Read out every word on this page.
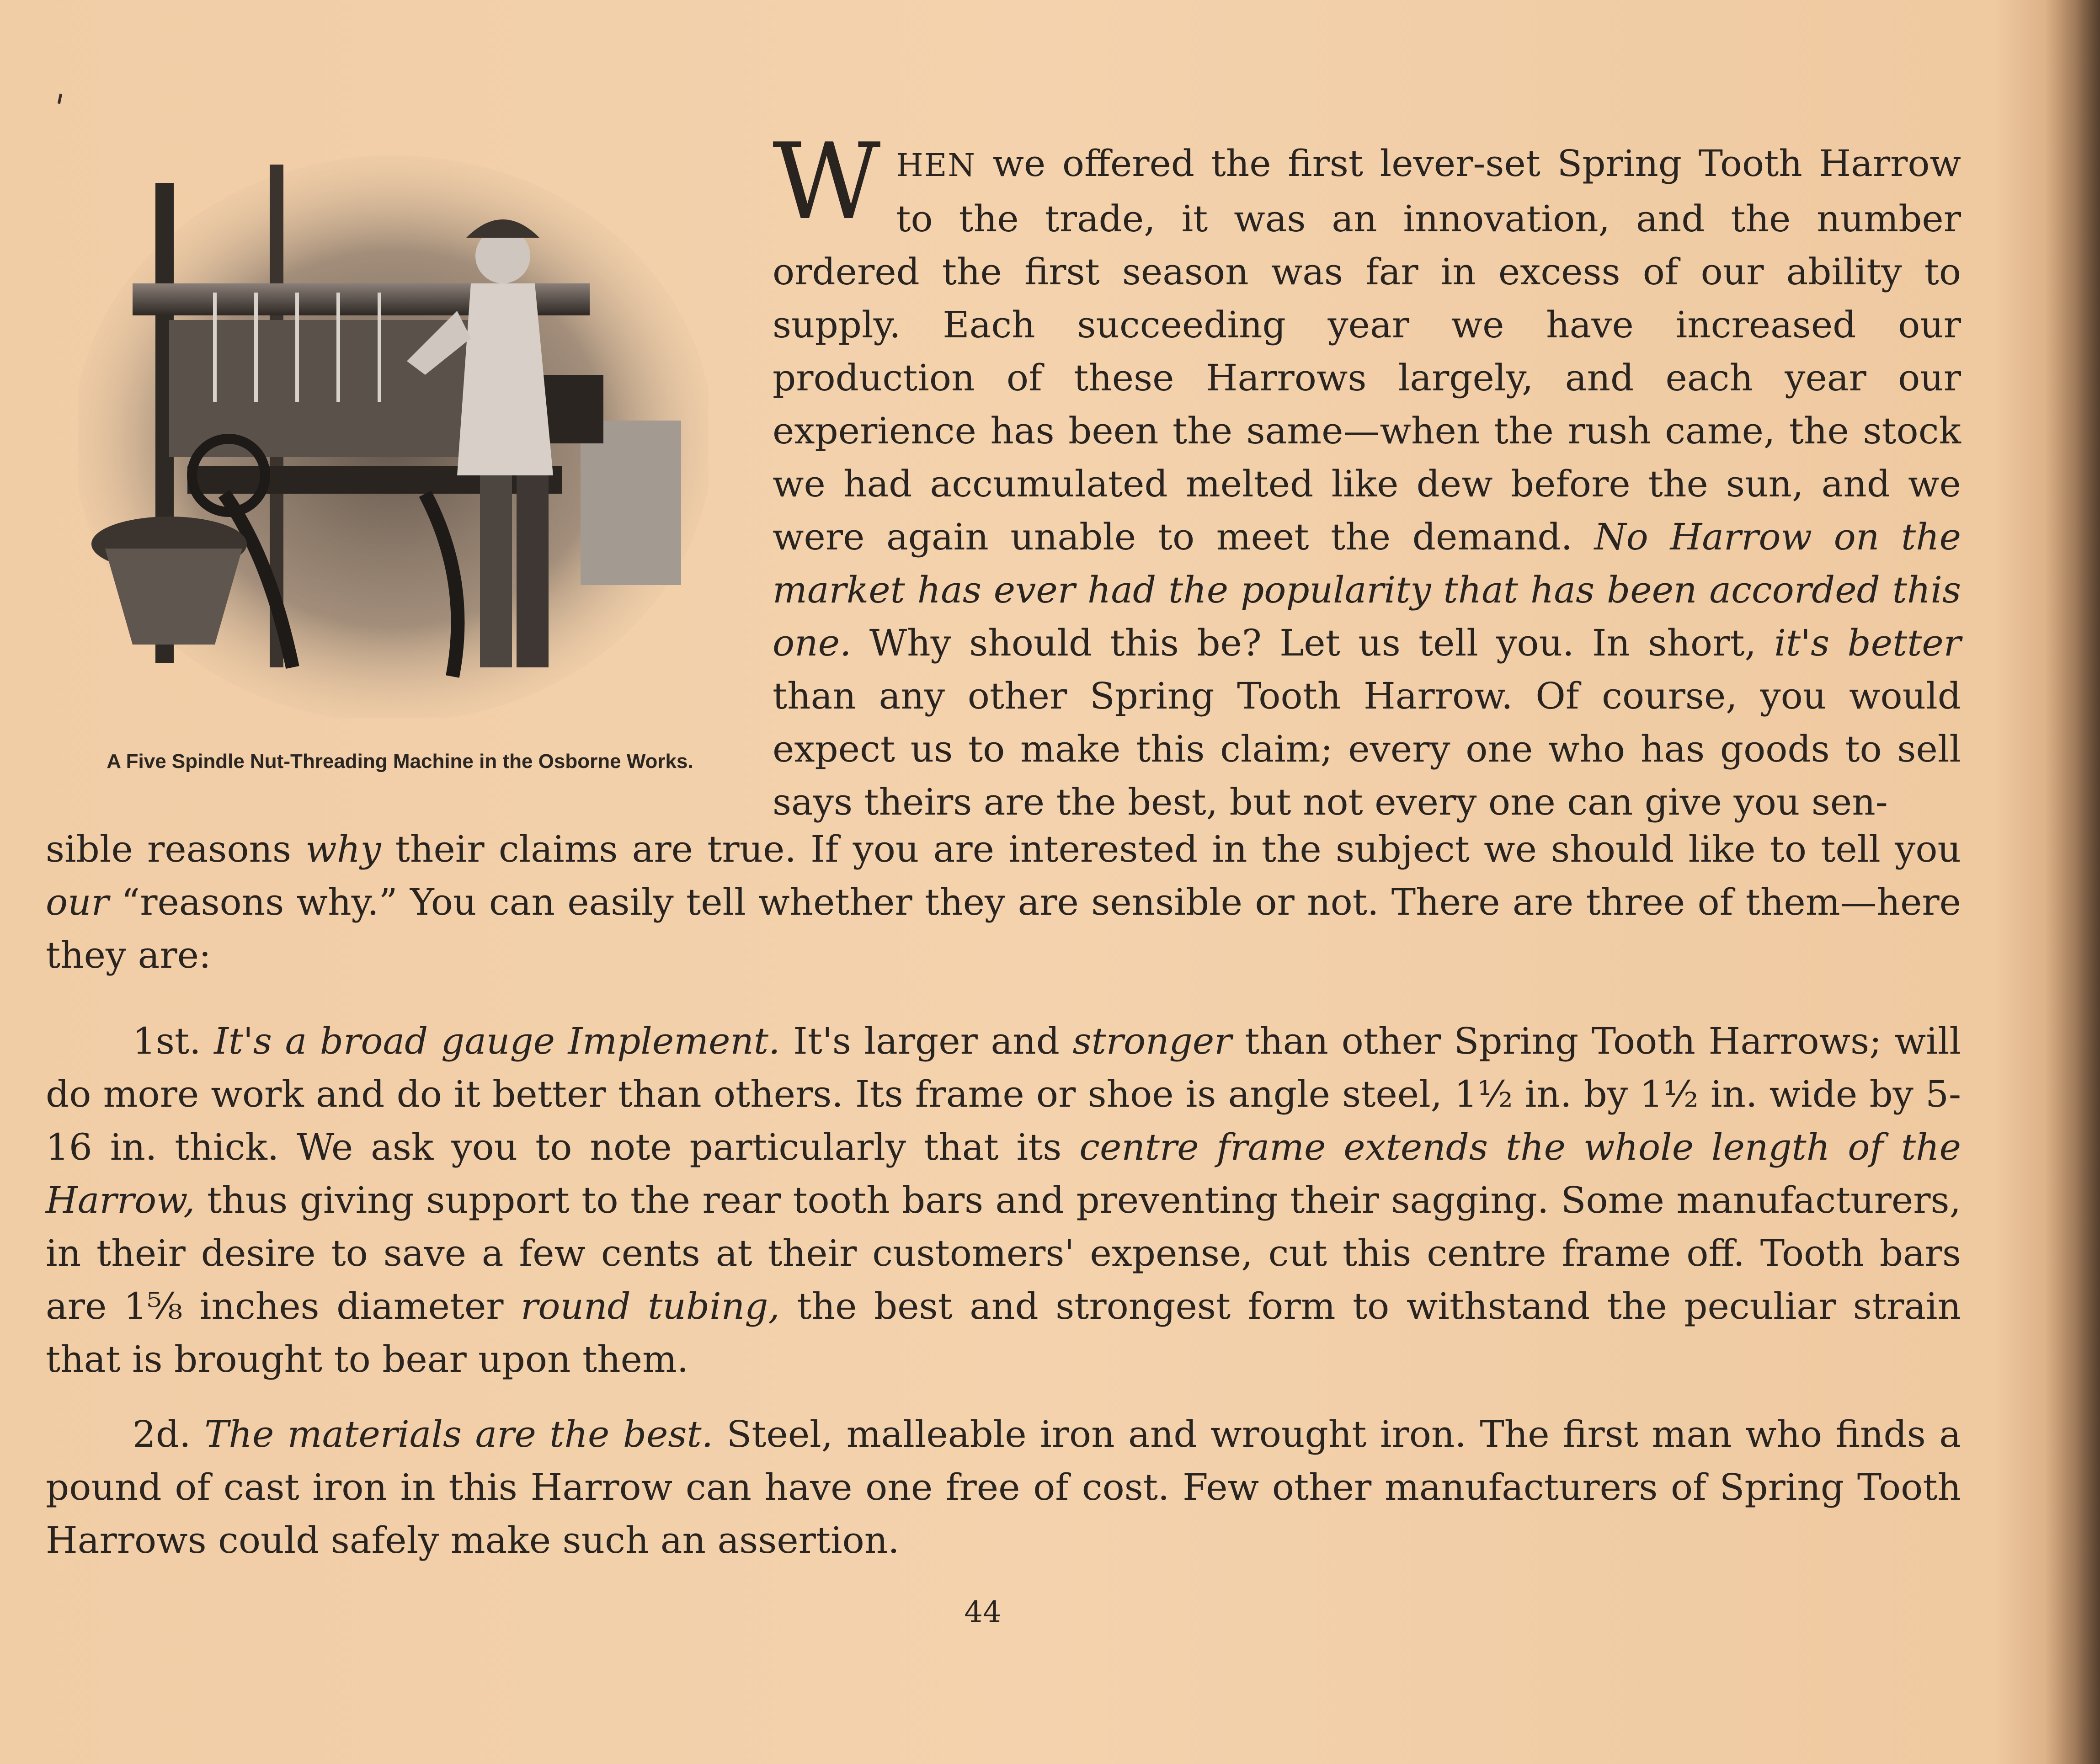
A Five Spindle Nut-Threading Machine in the Osborne Works.
WHEN we offered the first lever-set Spring Tooth Harrow to the trade, it was an innovation, and the number ordered the first season was far in excess of our ability to supply. Each succeeding year we have increased our production of these Harrows largely, and each year our experience has been the same—when the rush came, the stock we had accumulated melted like dew before the sun, and we were again unable to meet the demand. No Harrow on the market has ever had the popularity that has been accorded this one. Why should this be? Let us tell you. In short, it's better than any other Spring Tooth Harrow. Of course, you would expect us to make this claim; every one who has goods to sell says theirs are the best, but not every one can give you sen-
sible reasons why their claims are true. If you are interested in the subject we should like to tell you our “reasons why.” You can easily tell whether they are sensible or not. There are three of them—here they are:
1st. It's a broad gauge Implement. It's larger and stronger than other Spring Tooth Harrows; will do more work and do it better than others. Its frame or shoe is angle steel, 1½ in. by 1½ in. wide by 5-16 in. thick. We ask you to note particularly that its centre frame extends the whole length of the Harrow, thus giving support to the rear tooth bars and preventing their sagging. Some manufacturers, in their desire to save a few cents at their customers' expense, cut this centre frame off. Tooth bars are 1⅝ inches diameter round tubing, the best and strongest form to withstand the peculiar strain that is brought to bear upon them.
2d. The materials are the best. Steel, malleable iron and wrought iron. The first man who finds a pound of cast iron in this Harrow can have one free of cost. Few other manufacturers of Spring Tooth Harrows could safely make such an assertion.
44
